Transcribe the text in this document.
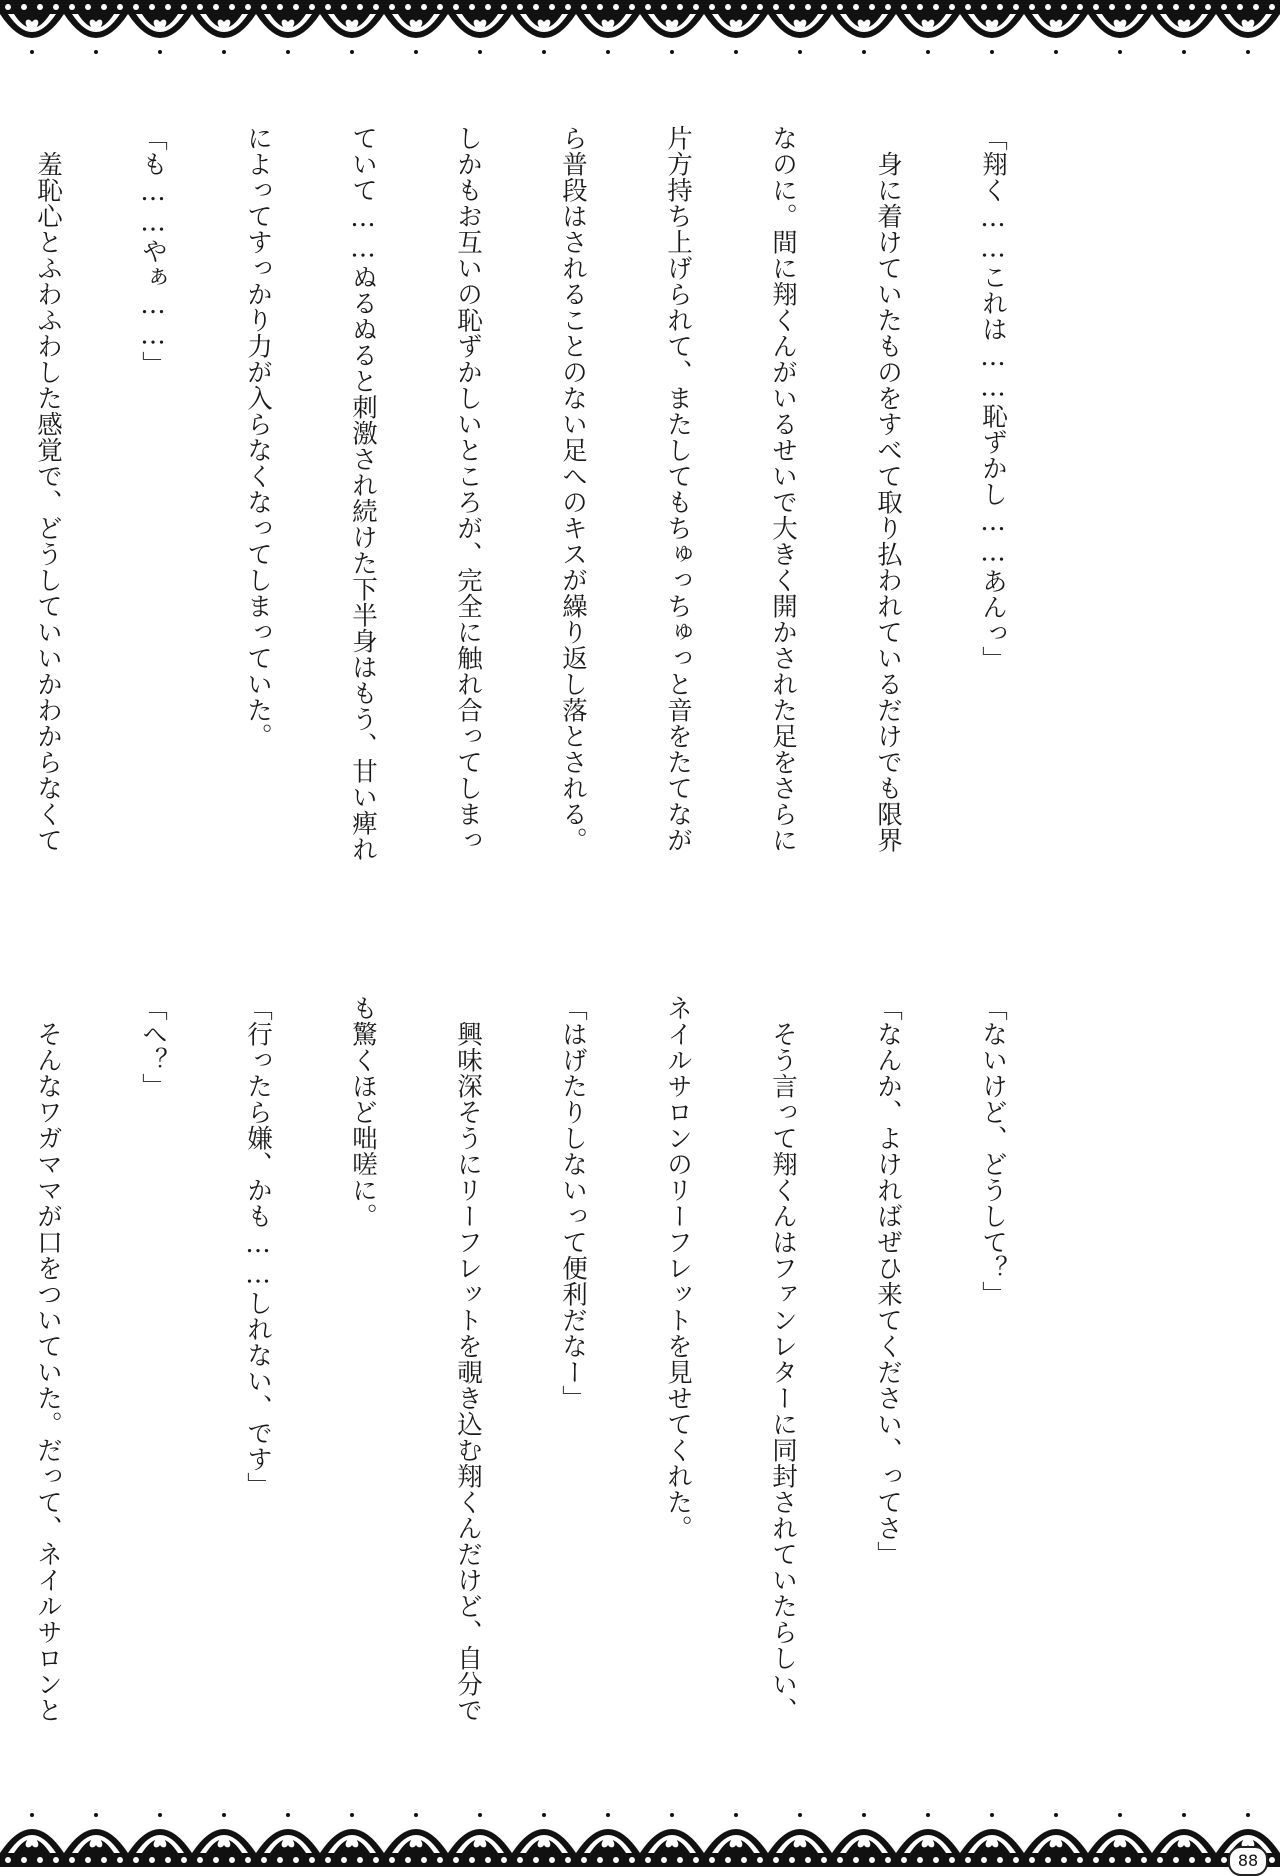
「翔く……これは……恥ずかし……あんっ」

　身に着けていたものをすべて取り払われているだけでも限界

なのに。間に翔くんがいるせいで大きく開かされた足をさらに

片方持ち上げられて、またしてもちゅっちゅっと音をたてなが

ら普段はされることのない足へのキスが繰り返し落とされる。

しかもお互いの恥ずかしいところが、完全に触れ合ってしまっ

ていて……ぬるぬると刺激され続けた下半身はもう、甘い痺れ

によってすっかり力が入らなくなってしまっていた。

「も……やぁ……」

　羞恥心とふわふわした感覚で、どうしていいかわからなくて

「ないけど、どうして？」

「なんか、よければぜひ来てください、ってさ」

　そう言って翔くんはファンレターに同封されていたらしい、

ネイルサロンのリーフレットを見せてくれた。

「はげたりしないって便利だなー」

　興味深そうにリーフレットを覗き込む翔くんだけど、自分で

も驚くほど咄嗟に。

「行ったら嫌、かも……しれない、です」

「へ？」

　そんなワガママが口をついていた。だって、ネイルサロンと

88
